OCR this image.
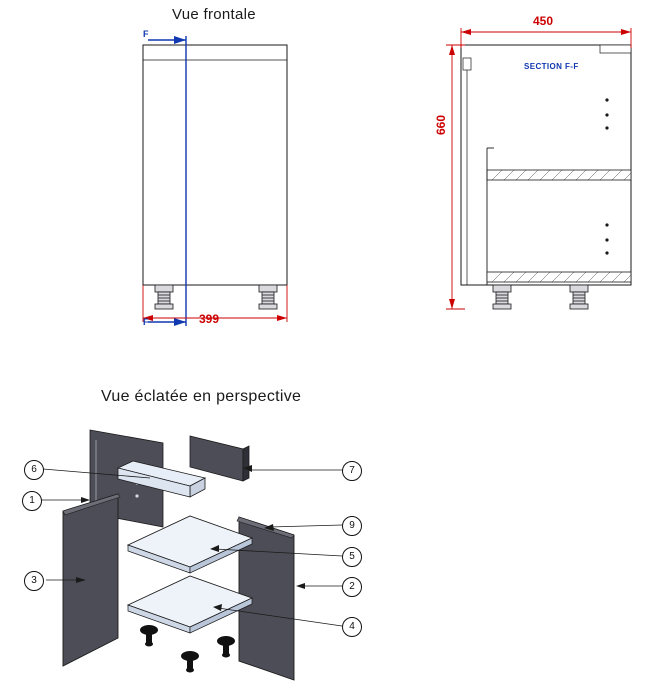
Vue frontale
Vue éclatée en perspective
399
450
660
SECTION F-F
F
F
1
2
3
4
5
6	7
9
